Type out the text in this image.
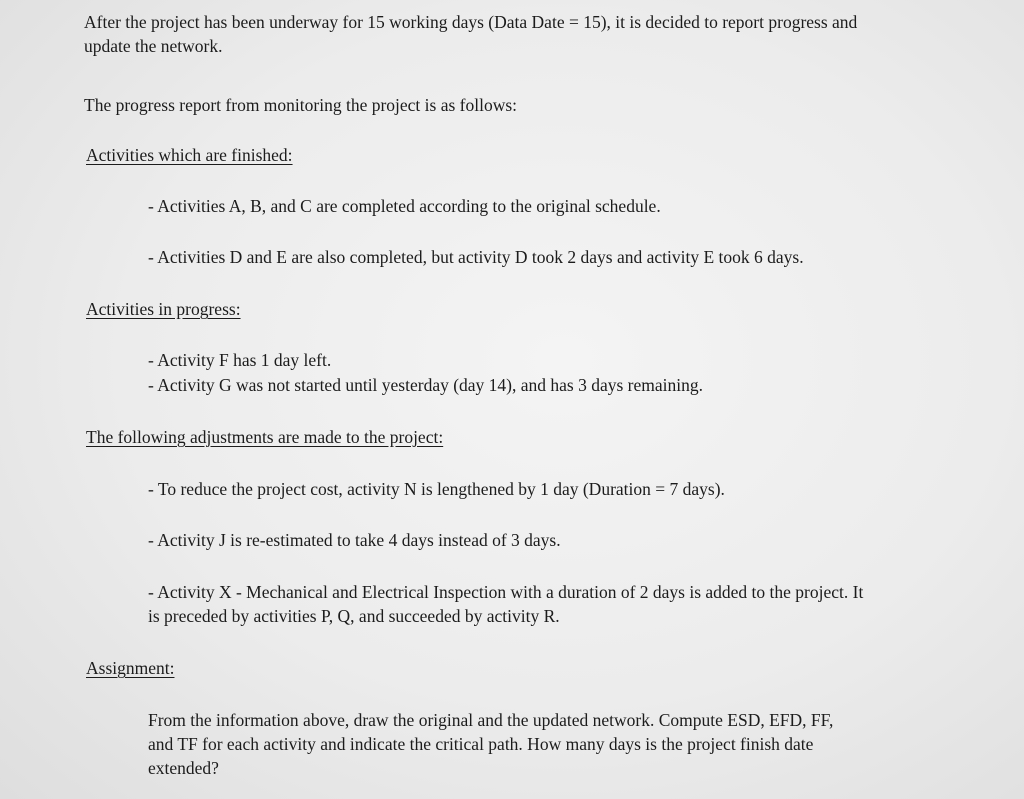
After the project has been underway for 15 working days (Data Date = 15), it is decided to report progress and
update the network.
The progress report from monitoring the project is as follows:
Activities which are finished:
- Activities A, B, and C are completed according to the original schedule.
- Activities D and E are also completed, but activity D took 2 days and activity E took 6 days.
Activities in progress:
- Activity F has 1 day left.
- Activity G was not started until yesterday (day 14), and has 3 days remaining.
The following adjustments are made to the project:
- To reduce the project cost, activity N is lengthened by 1 day (Duration = 7 days).
- Activity J is re-estimated to take 4 days instead of 3 days.
- Activity X - Mechanical and Electrical Inspection with a duration of 2 days is added to the project. It
is preceded by activities P, Q, and succeeded by activity R.
Assignment:
From the information above, draw the original and the updated network. Compute ESD, EFD, FF,
and TF for each activity and indicate the critical path. How many days is the project finish date
extended?
